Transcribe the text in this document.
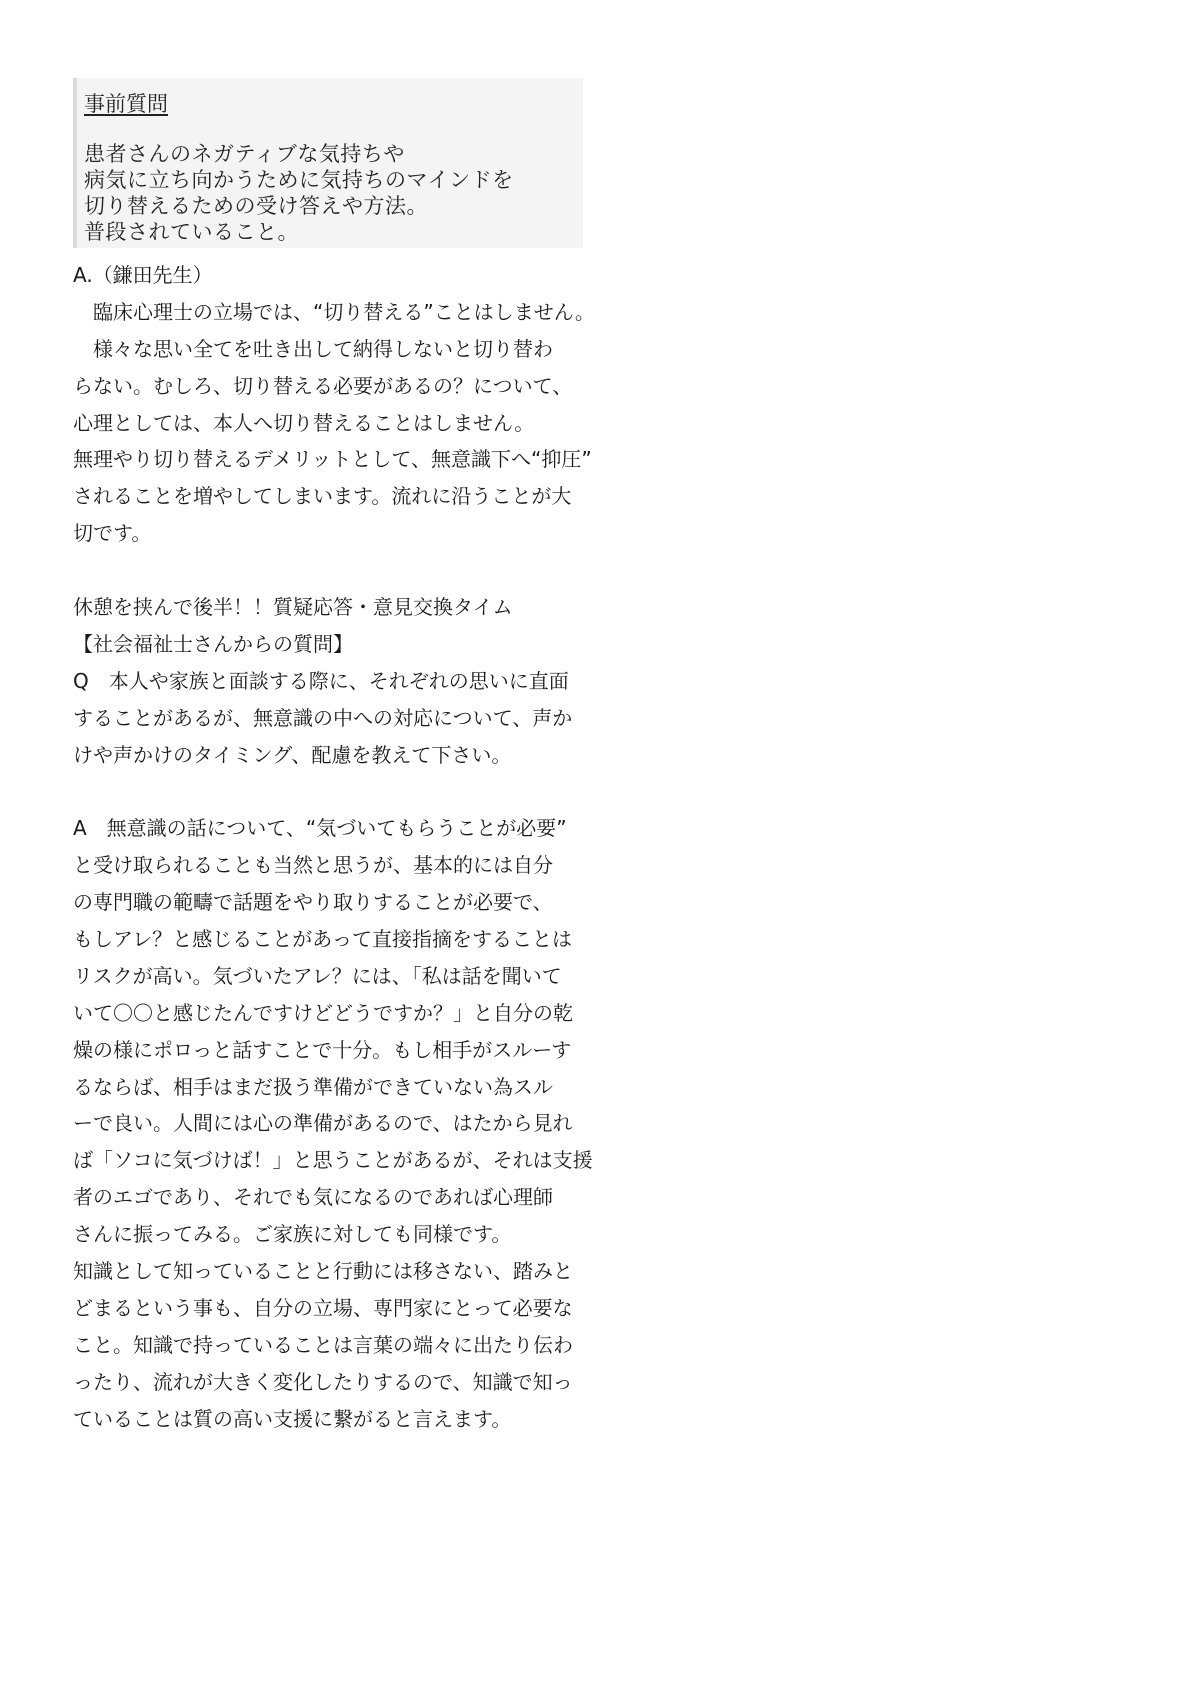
事前質問
患者さんのネガティブな気持ちや
病気に立ち向かうために気持ちのマインドを
切り替えるための受け答えや方法。
普段されていること。
A.（鎌田先生）
　臨床心理士の立場では、“切り替える”ことはしません。
　様々な思い全てを吐き出して納得しないと切り替わ
らない。むしろ、切り替える必要があるの？について、
心理としては、本人へ切り替えることはしません。
無理やり切り替えるデメリットとして、無意識下へ“抑圧”
されることを増やしてしまいます。流れに沿うことが大
切です。
休憩を挟んで後半！！質疑応答・意見交換タイム
【社会福祉士さんからの質問】
Q　本人や家族と面談する際に、それぞれの思いに直面
することがあるが、無意識の中への対応について、声か
けや声かけのタイミング、配慮を教えて下さい。
A　無意識の話について、“気づいてもらうことが必要”
と受け取られることも当然と思うが、基本的には自分
の専門職の範疇で話題をやり取りすることが必要で、
もしアレ？と感じることがあって直接指摘をすることは
リスクが高い。気づいたアレ？には、「私は話を聞いて
いて〇〇と感じたんですけどどうですか？」と自分の乾
燥の様にポロっと話すことで十分。もし相手がスルーす
るならば、相手はまだ扱う準備ができていない為スル
ーで良い。人間には心の準備があるので、はたから見れ
ば「ソコに気づけば！」と思うことがあるが、それは支援
者のエゴであり、それでも気になるのであれば心理師
さんに振ってみる。ご家族に対しても同様です。
知識として知っていることと行動には移さない、踏みと
どまるという事も、自分の立場、専門家にとって必要な
こと。知識で持っていることは言葉の端々に出たり伝わ
ったり、流れが大きく変化したりするので、知識で知っ
ていることは質の高い支援に繋がると言えます。
